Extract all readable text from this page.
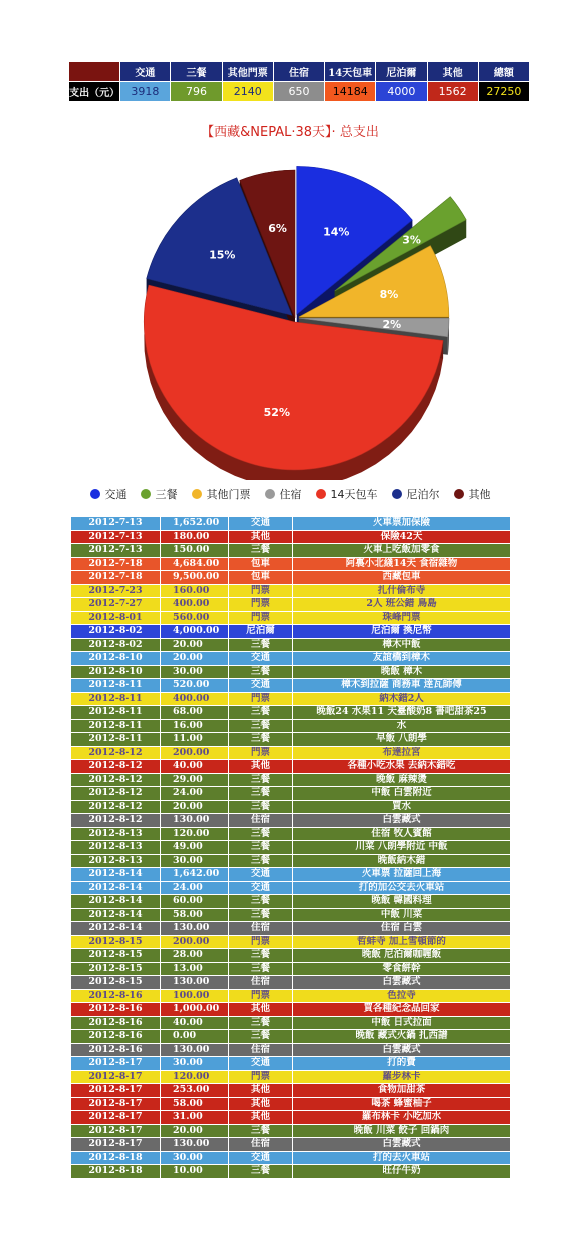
	交通	三餐	其他門票	住宿	14天包車	尼泊爾	其他	總額
支出（元）	3918	796	2140	650	14184	4000	1562	27250
【西藏&NEPAL·38天】· 总支出
14%
3%
8%
2%
52%
15%
6%
交通	三餐	其他门票	住宿	14天包车	尼泊尔	其他
2012-7-13	1,652.00	交通	火車票加保險
2012-7-13	180.00	其他	保險42天
2012-7-13	150.00	三餐	火車上吃飯加零食
2012-7-18	4,684.00	包車	阿裏小北綫14天 食宿雜物
2012-7-18	9,500.00	包車	西藏包車
2012-7-23	160.00	門票	扎什倫布寺
2012-7-27	400.00	門票	2人 班公錯 鳥島
2012-8-01	560.00	門票	珠峰門票
2012-8-02	4,000.00	尼泊爾	尼泊爾 換尼幣
2012-8-02	20.00	三餐	樟木中飯
2012-8-10	20.00	交通	友誼橋到樟木
2012-8-10	30.00	三餐	晚飯 樟木
2012-8-11	520.00	交通	樟木到拉薩 商務車 逹瓦師傅
2012-8-11	400.00	門票	納木錯2人
2012-8-11	68.00	三餐	晚飯24 水果11 天臺酸奶8 書吧甜茶25
2012-8-11	16.00	三餐	水
2012-8-11	11.00	三餐	早飯 八朗學
2012-8-12	200.00	門票	布達拉宮
2012-8-12	40.00	其他	各種小吃水果 去納木錯吃
2012-8-12	29.00	三餐	晚飯 麻辣燙
2012-8-12	24.00	三餐	中飯 白雲附近
2012-8-12	20.00	三餐	買水
2012-8-12	130.00	住宿	白雲藏式
2012-8-13	120.00	三餐	住宿 牧人賓館
2012-8-13	49.00	三餐	川菜 八朗學附近 中飯
2012-8-13	30.00	三餐	晚飯納木錯
2012-8-14	1,642.00	交通	火車票 拉薩回上海
2012-8-14	24.00	交通	打的加公交去火車站
2012-8-14	60.00	三餐	晚飯 韓國料理
2012-8-14	58.00	三餐	中飯 川菜
2012-8-14	130.00	住宿	住宿 白雲
2012-8-15	200.00	門票	哲蚌寺 加上雪頓節的
2012-8-15	28.00	三餐	晚飯 尼泊爾咖喱飯
2012-8-15	13.00	三餐	零食餅幹
2012-8-15	130.00	住宿	白雲藏式
2012-8-16	100.00	門票	色拉寺
2012-8-16	1,000.00	其他	買各種紀念品回家
2012-8-16	40.00	三餐	中飯 日式拉面
2012-8-16	0.00	三餐	晚飯 藏式火鍋 扎西譜
2012-8-16	130.00	住宿	白雲藏式
2012-8-17	30.00	交通	打的費
2012-8-17	120.00	門票	羅步林卡
2012-8-17	253.00	其他	食物加甜茶
2012-8-17	58.00	其他	喝茶 蜂蜜柚子
2012-8-17	31.00	其他	羅布林卡 小吃加水
2012-8-17	20.00	三餐	晚飯 川菜 餃子 回鍋肉
2012-8-17	130.00	住宿	白雲藏式
2012-8-18	30.00	交通	打的去火車站
2012-8-18	10.00	三餐	旺仔牛奶
